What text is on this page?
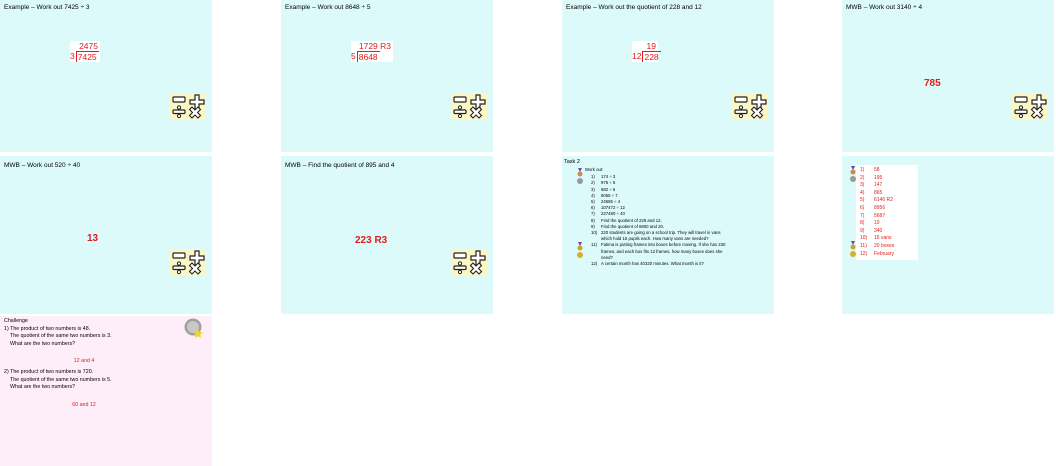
Example – Work out 7425 ÷ 3
2475
3 7425
Example – Work out 8648 ÷ 5
1729 R3
5 8648
Example – Work out the quotient of 228 and 12
19
12 228
MWB – Work out 3140 ÷ 4
785
MWB – Work out 520 ÷ 40
13
MWB – Find the quotient of 895 and 4
223 R3
Task 2
Work out:
1)	174 ÷ 3
2)	975 ÷ 5
3)	882 ÷ 6
4)	6055 ÷ 7
5)	24586 ÷ 4
6)	107472 ÷ 12
7)	227480 ÷ 40
8)	Find the quotient of 228 and 12.
9)	Find the quotient of 6800 and 20.
10) 220 students are going on a school trip. They will travel in vans which hold 15 pupils each. How many vans are needed?
11) Fatima is putting frames into boxes before moving. If she has 230 frames, and each box fits 12 frames, how many boxes does she need?
12) A certain month has 40320 minutes. What month is it?
1)	58
2)	195
3)	147
4)	865
5)	6146 R2
6)	8956
7)	5687
8)	19
9)	340
10)	15 vans
11)	20 boxes
12)	February
Challenge
1) The product of two numbers is 48.
The quotient of the same two numbers is 3.
What are the two numbers?
12 and 4
2) The product of two numbers is 720.
The quotient of the same two numbers is 5.
What are the two numbers?
60 and 12
